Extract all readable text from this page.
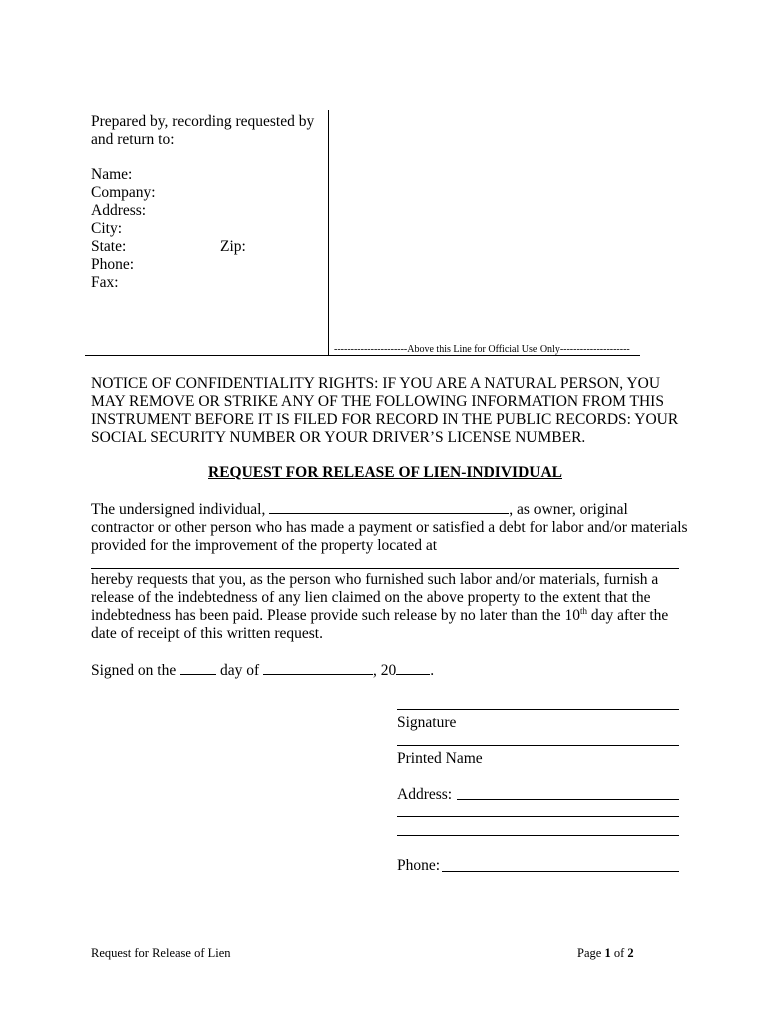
Prepared by, recording requested by
and return to:
Name:
Company:
Address:
City:
State:	Zip:
Phone:
Fax:
----------------------Above this Line for Official Use Only---------------------
NOTICE OF CONFIDENTIALITY RIGHTS: IF YOU ARE A NATURAL PERSON, YOU
MAY REMOVE OR STRIKE ANY OF THE FOLLOWING INFORMATION FROM THIS
INSTRUMENT BEFORE IT IS FILED FOR RECORD IN THE PUBLIC RECORDS: YOUR
SOCIAL SECURITY NUMBER OR YOUR DRIVER’S LICENSE NUMBER.
REQUEST FOR RELEASE OF LIEN-INDIVIDUAL
The undersigned individual,	, as owner, original
contractor or other person who has made a payment or satisfied a debt for labor and/or materials
provided for the improvement of the property located at
hereby requests that you, as the person who furnished such labor and/or materials, furnish a
release of the indebtedness of any lien claimed on the above property to the extent that the
indebtedness has been paid. Please provide such release by no later than the 10th day after the
date of receipt of this written request.
Signed on the	day of	, 20 .
Signature
Printed Name
Address:
Phone:
Request for Release of Lien	Page 1 of 2
